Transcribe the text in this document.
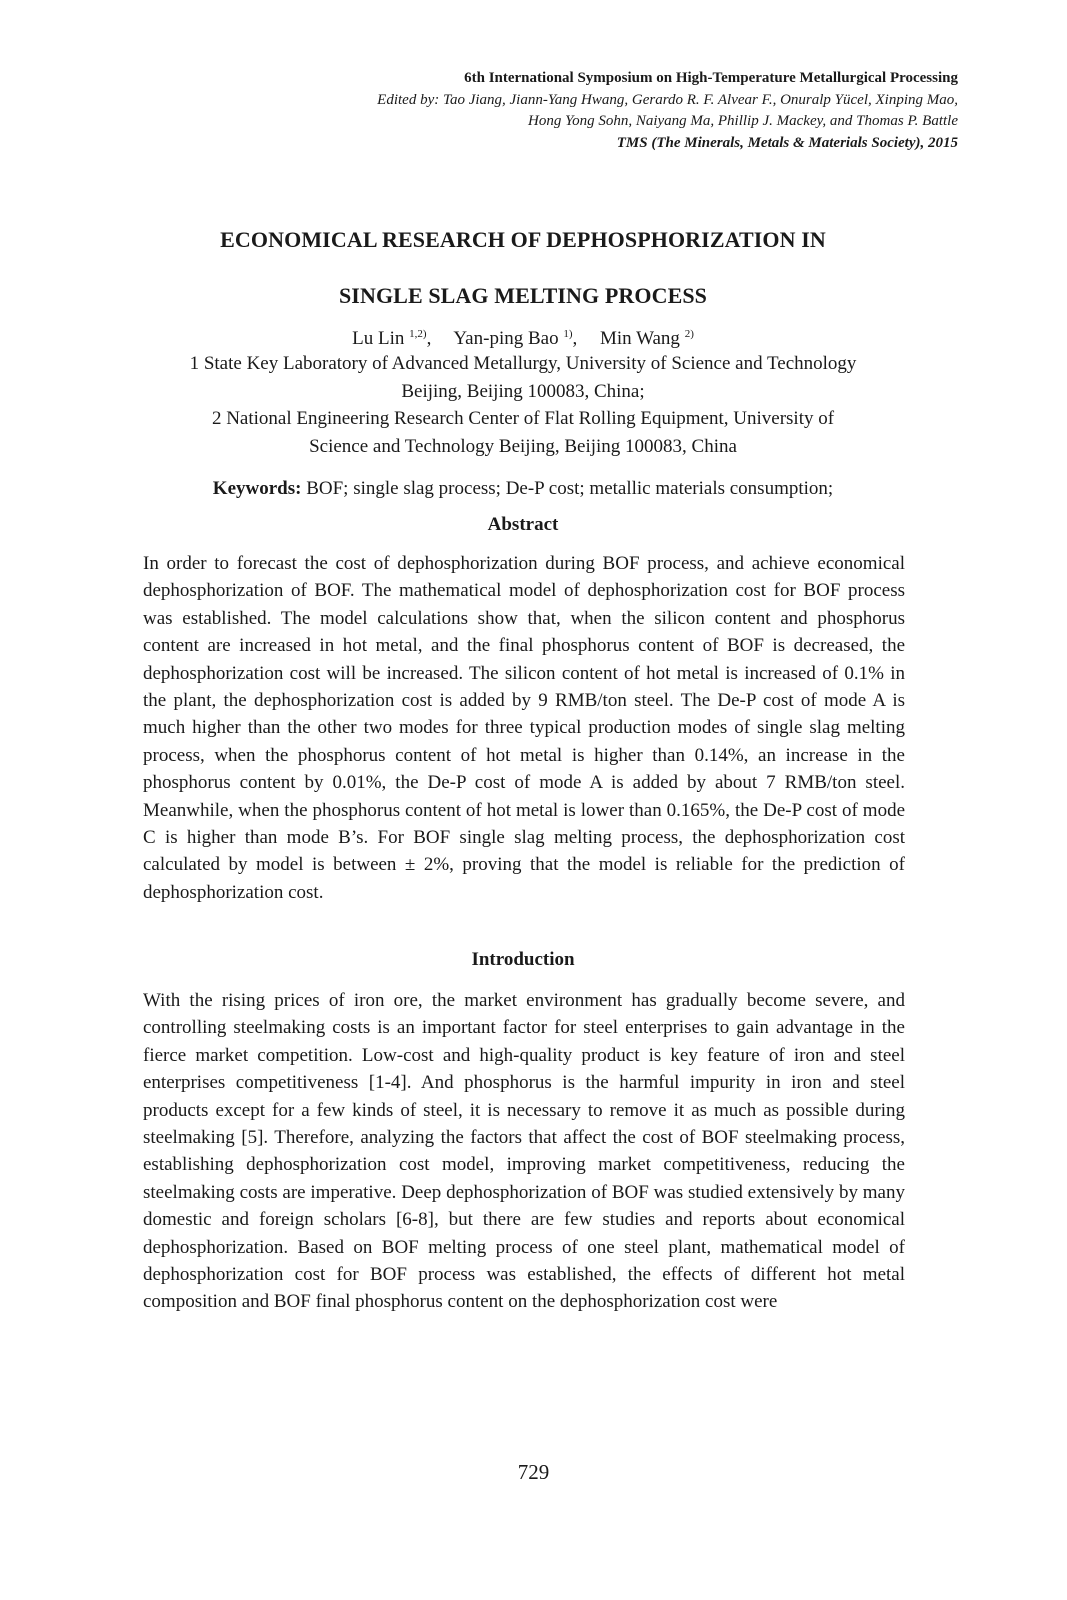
6th International Symposium on High-Temperature Metallurgical Processing
Edited by: Tao Jiang, Jiann-Yang Hwang, Gerardo R. F. Alvear F., Onuralp Yücel, Xinping Mao,
Hong Yong Sohn, Naiyang Ma, Phillip J. Mackey, and Thomas P. Battle
TMS (The Minerals, Metals & Materials Society), 2015
ECONOMICAL RESEARCH OF DEPHOSPHORIZATION IN
SINGLE SLAG MELTING PROCESS
Lu Lin $^{1,2)}$, Yan-ping Bao $^{1)}$, Min Wang $^{2)}$
1 State Key Laboratory of Advanced Metallurgy, University of Science and Technology
Beijing, Beijing 100083, China;
2 National Engineering Research Center of Flat Rolling Equipment, University of
Science and Technology Beijing, Beijing 100083, China
Keywords: BOF; single slag process; De-P cost; metallic materials consumption;
Abstract
In order to forecast the cost of dephosphorization during BOF process, and achieve economical dephosphorization of BOF. The mathematical model of dephosphorization cost for BOF process was established. The model calculations show that, when the silicon content and phosphorus content are increased in hot metal, and the final phosphorus content of BOF is decreased, the dephosphorization cost will be increased. The silicon content of hot metal is increased of 0.1% in the plant, the dephosphorization cost is added by 9 RMB/ton steel. The De-P cost of mode A is much higher than the other two modes for three typical production modes of single slag melting process, when the phosphorus content of hot metal is higher than 0.14%, an increase in the phosphorus content by 0.01%, the De-P cost of mode A is added by about 7 RMB/ton steel. Meanwhile, when the phosphorus content of hot metal is lower than 0.165%, the De-P cost of mode C is higher than mode B’s. For BOF single slag melting process, the dephosphorization cost calculated by model is between ± 2%, proving that the model is reliable for the prediction of dephosphorization cost.
Introduction
With the rising prices of iron ore, the market environment has gradually become severe, and controlling steelmaking costs is an important factor for steel enterprises to gain advantage in the fierce market competition. Low-cost and high-quality product is key feature of iron and steel enterprises competitiveness [1-4]. And phosphorus is the harmful impurity in iron and steel products except for a few kinds of steel, it is necessary to remove it as much as possible during steelmaking [5]. Therefore, analyzing the factors that affect the cost of BOF steelmaking process, establishing dephosphorization cost model, improving market competitiveness, reducing the steelmaking costs are imperative. Deep dephosphorization of BOF was studied extensively by many domestic and foreign scholars [6-8], but there are few studies and reports about economical dephosphorization. Based on BOF melting process of one steel plant, mathematical model of dephosphorization cost for BOF process was established, the effects of different hot metal composition and BOF final phosphorus content on the dephosphorization cost were
729
